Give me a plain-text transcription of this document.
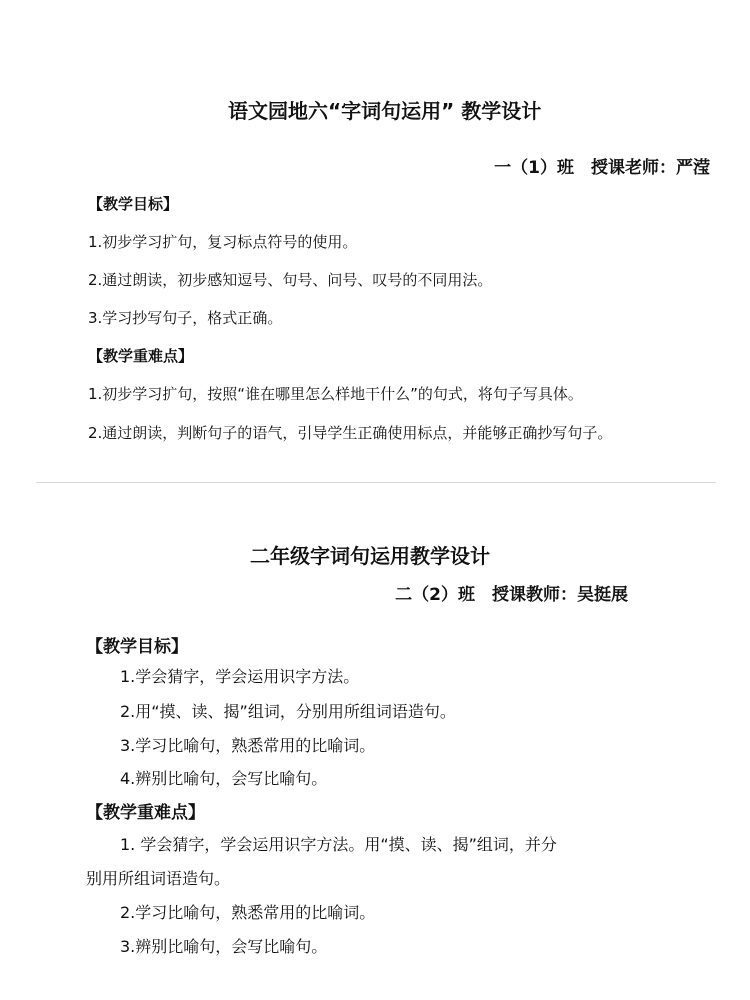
语文园地六“字词句运用” 教学设计
一（1）班　授课老师：严滢
【教学目标】
1.初步学习扩句，复习标点符号的使用。
2.通过朗读，初步感知逗号、句号、问号、叹号的不同用法。
3.学习抄写句子，格式正确。
【教学重难点】
1.初步学习扩句，按照“谁在哪里怎么样地干什么”的句式，将句子写具体。
2.通过朗读，判断句子的语气，引导学生正确使用标点，并能够正确抄写句子。
二年级字词句运用教学设计
二（2）班　授课教师：吴挺展
【教学目标】
1.学会猜字，学会运用识字方法。
2.用“摸、读、揭”组词，分别用所组词语造句。
3.学习比喻句，熟悉常用的比喻词。
4.辨别比喻句，会写比喻句。
【教学重难点】
1. 学会猜字，学会运用识字方法。用“摸、读、揭”组词，并分
别用所组词语造句。
2.学习比喻句，熟悉常用的比喻词。
3.辨别比喻句，会写比喻句。
